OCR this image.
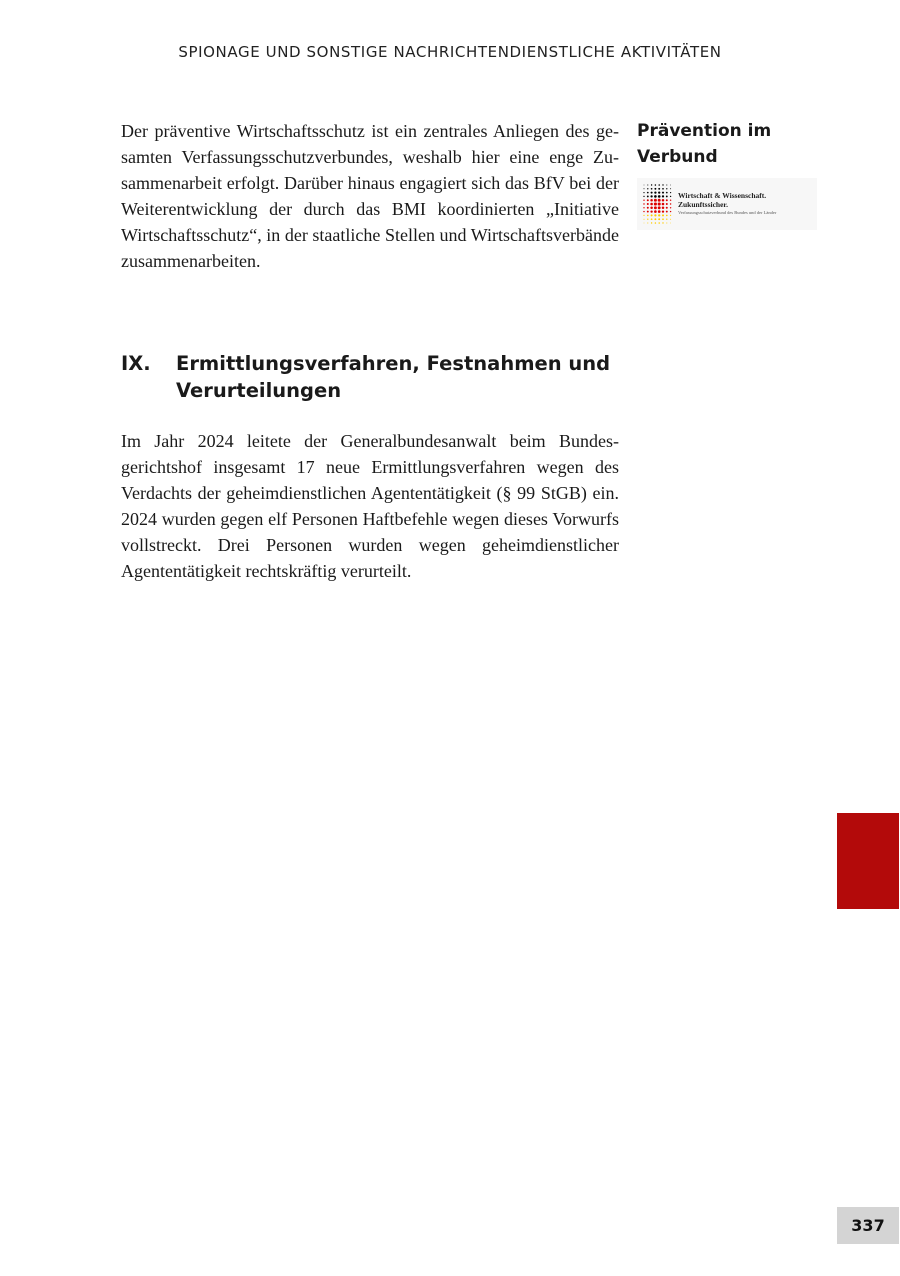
SPIONAGE UND SONSTIGE NACHRICHTENDIENSTLICHE AKTIVITÄTEN

Der präventive Wirtschaftsschutz ist ein zentrales Anliegen des gesamten Verfassungsschutzverbundes, weshalb hier eine enge Zusammenarbeit erfolgt. Darüber hinaus engagiert sich das BfV bei der Weiterentwicklung der durch das BMI koordinierten „Initiative Wirtschaftsschutz“, in der staatliche Stellen und Wirtschaftsverbände zusammenarbeiten.

Prävention im
Verbund
Wirtschaft & Wissenschaft.
Zukunftssicher.
Verfassungsschutzverbund des Bundes und der Länder
IX.	Ermittlungsverfahren, Festnahmen und Verurteilungen

Im Jahr 2024 leitete der Generalbundesanwalt beim Bundesgerichtshof insgesamt 17 neue Ermittlungsverfahren wegen des Verdachts der geheimdienstlichen Agententätigkeit (§ 99 StGB) ein. 2024 wurden gegen elf Personen Haftbefehle wegen dieses Vorwurfs vollstreckt. Drei Personen wurden wegen geheimdienstlicher Agententätigkeit rechtskräftig verurteilt.

337
